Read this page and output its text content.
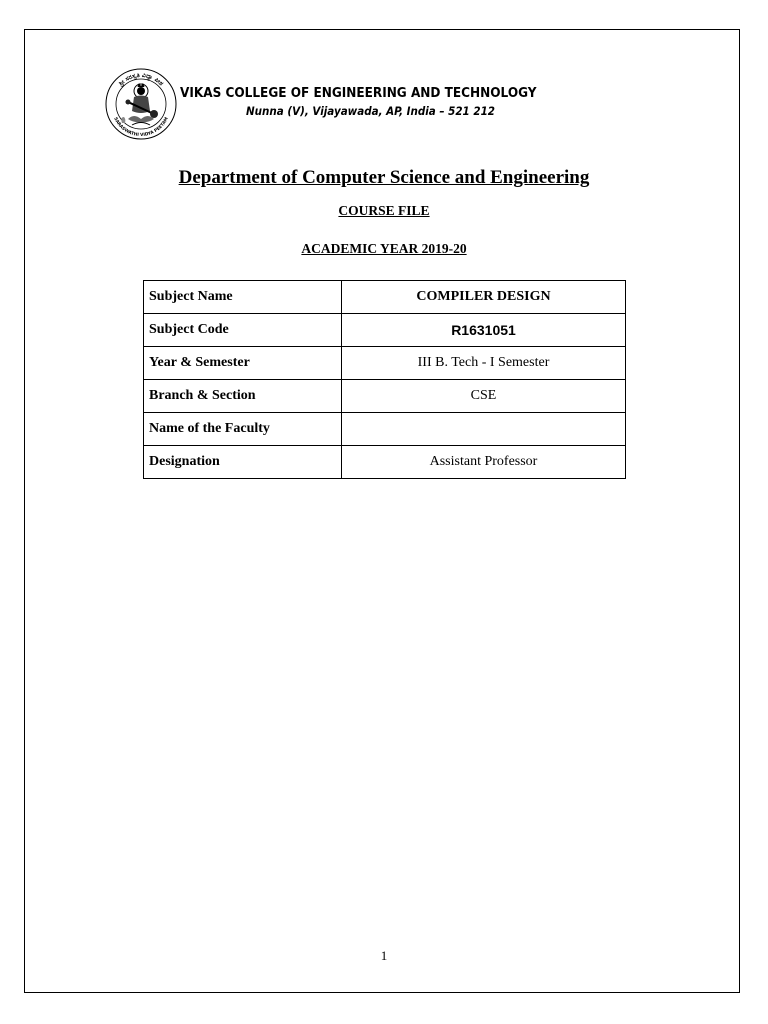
ಶ್ರೀ ಸರಸ್ವತಿ ವಿದ್ಯಾ ಪೀಠ
SARASWATHI VIDYA PEETAM
VIKAS COLLEGE OF ENGINEERING AND TECHNOLOGY
Nunna (V), Vijayawada, AP, India – 521 212
Department of Computer Science and Engineering
COURSE FILE
ACADEMIC YEAR 2019-20
Subject Name	COMPILER DESIGN
Subject Code	R1631051
Year & Semester	III B. Tech - I Semester
Branch & Section	CSE
Name of the Faculty	
Designation	Assistant Professor
1
